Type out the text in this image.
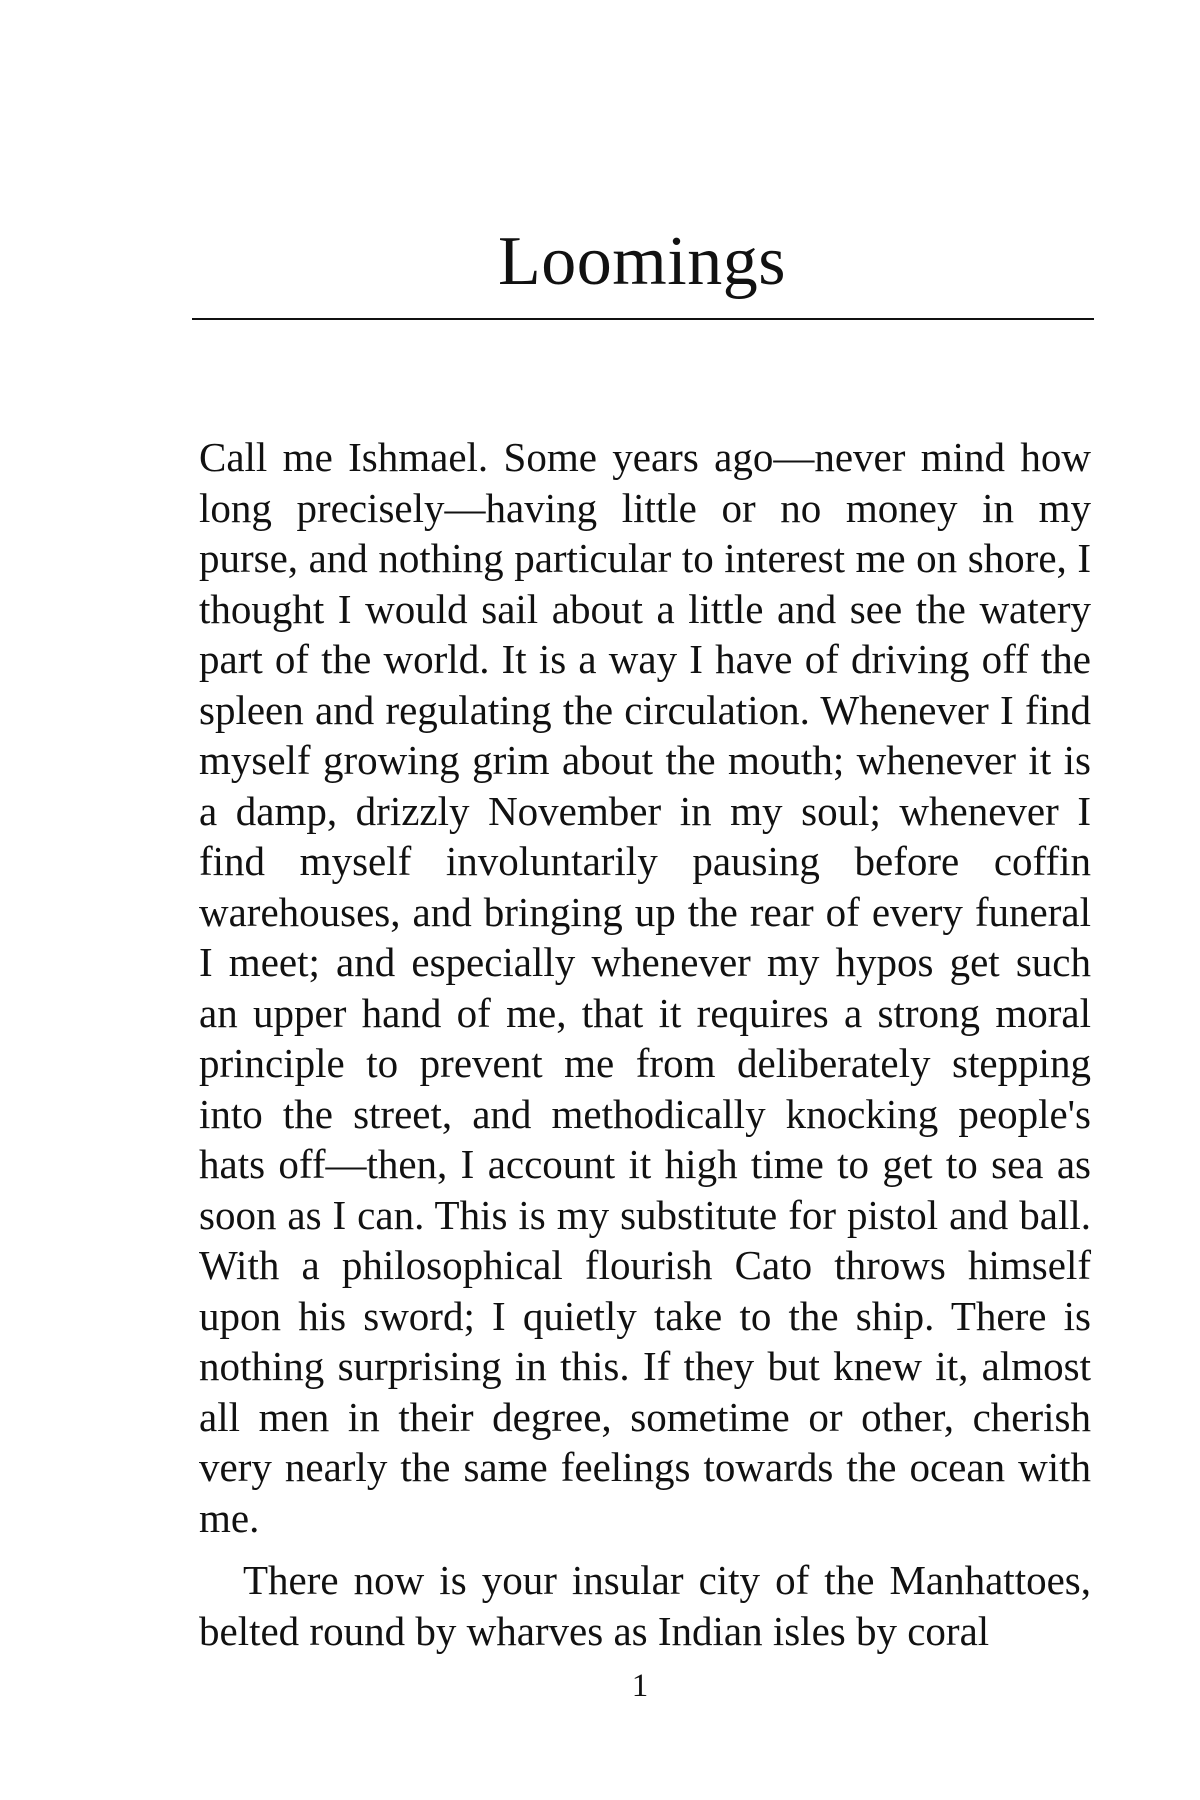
Loomings

Call me Ishmael. Some years ago—never mind how long precisely—having little or no money in my purse, and nothing particular to interest me on shore, I thought I would sail about a little and see the watery part of the world. It is a way I have of driving off the spleen and regulating the circulation. Whenever I find myself growing grim about the mouth; whenever it is a damp, drizzly November in my soul; whenever I find myself involuntarily pausing before coffin warehouses, and bringing up the rear of every funeral I meet; and especially whenever my hypos get such an upper hand of me, that it requires a strong moral principle to prevent me from deliberately stepping into the street, and methodically knocking people's hats off—then, I account it high time to get to sea as soon as I can. This is my substitute for pistol and ball. With a philosophical flourish Cato throws himself upon his sword; I quietly take to the ship. There is nothing surprising in this. If they but knew it, almost all men in their degree, sometime or other, cherish very nearly the same feelings towards the ocean with me.

There now is your insular city of the Manhattoes, belted round by wharves as Indian isles by coral

1
